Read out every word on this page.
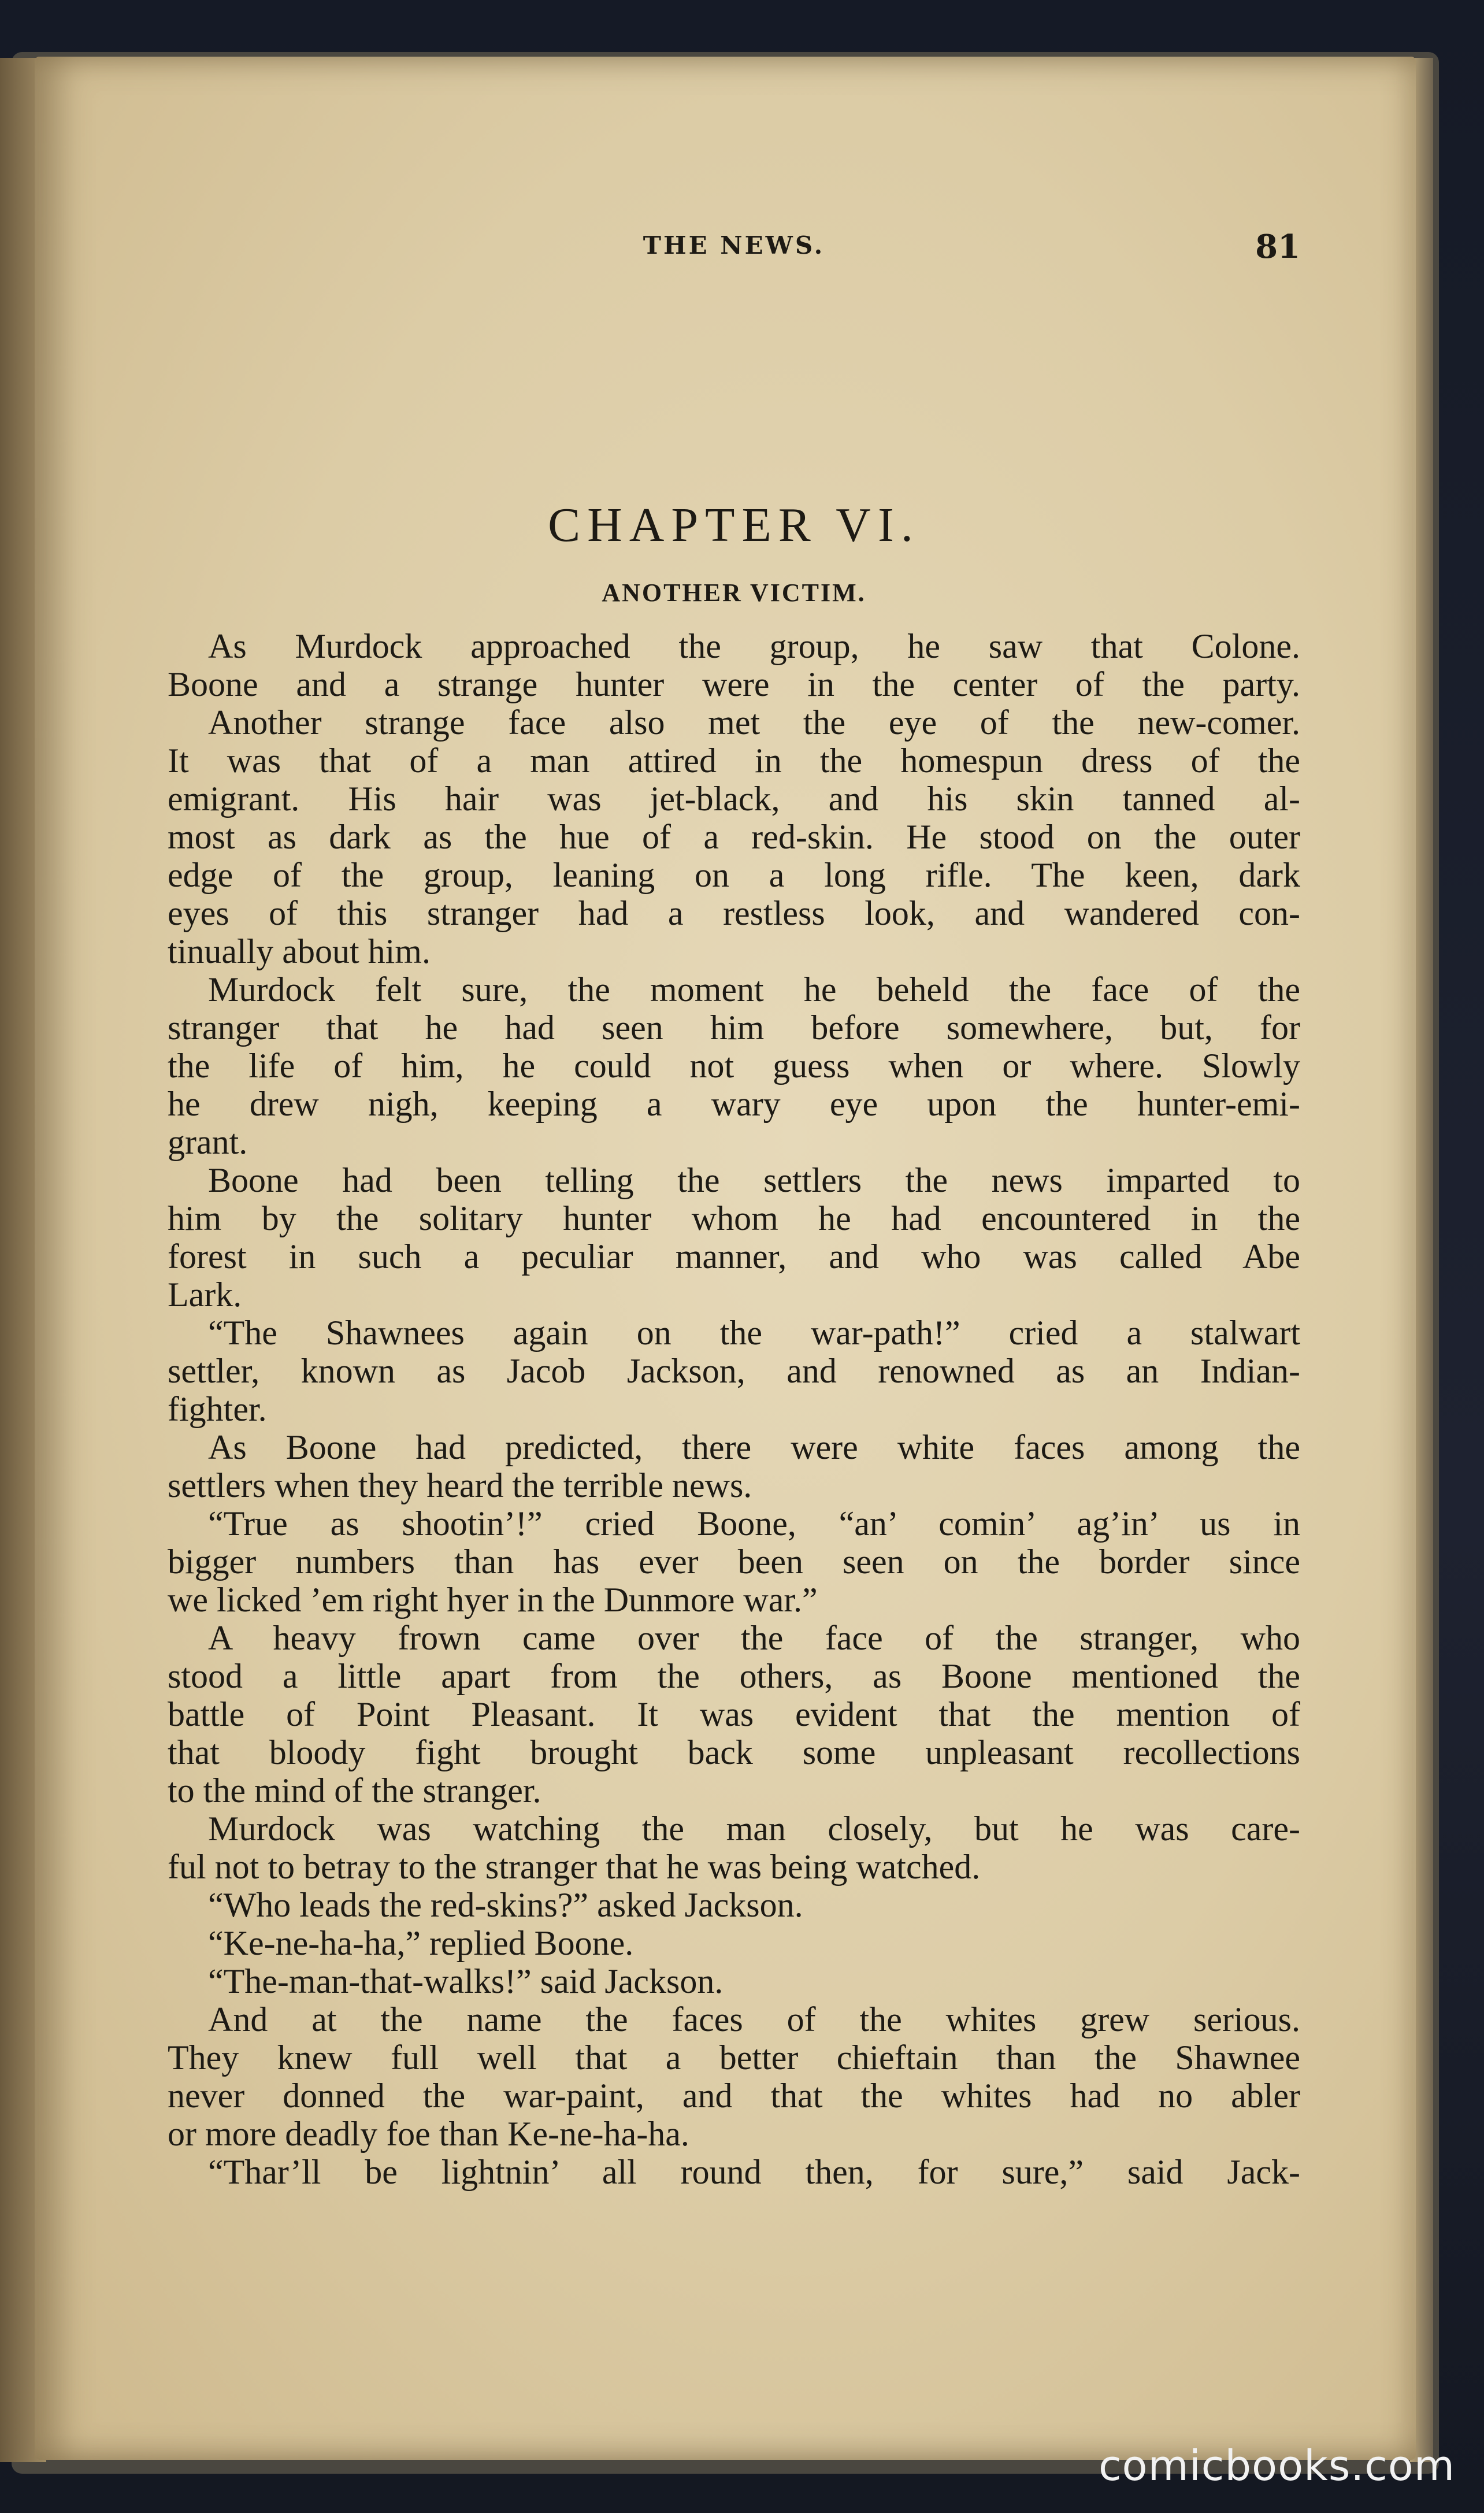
THE NEWS.	81
CHAPTER VI.
ANOTHER VICTIM.
As Murdock approached the group, he saw that Colone.
Boone and a strange hunter were in the center of the party.
Another strange face also met the eye of the new-comer.
It was that of a man attired in the homespun dress of the
emigrant. His hair was jet-black, and his skin tanned al-
most as dark as the hue of a red-skin. He stood on the outer
edge of the group, leaning on a long rifle. The keen, dark
eyes of this stranger had a restless look, and wandered con-
tinually about him.
Murdock felt sure, the moment he beheld the face of the
stranger that he had seen him before somewhere, but, for
the life of him, he could not guess when or where. Slowly
he drew nigh, keeping a wary eye upon the hunter-emi-
grant.
Boone had been telling the settlers the news imparted to
him by the solitary hunter whom he had encountered in the
forest in such a peculiar manner, and who was called Abe
Lark.
“The Shawnees again on the war-path!” cried a stalwart
settler, known as Jacob Jackson, and renowned as an Indian-
fighter.
As Boone had predicted, there were white faces among the
settlers when they heard the terrible news.
“True as shootin’!” cried Boone, “an’ comin’ ag’in’ us in
bigger numbers than has ever been seen on the border since
we licked ’em right hyer in the Dunmore war.”
A heavy frown came over the face of the stranger, who
stood a little apart from the others, as Boone mentioned the
battle of Point Pleasant. It was evident that the mention of
that bloody fight brought back some unpleasant recollections
to the mind of the stranger.
Murdock was watching the man closely, but he was care-
ful not to betray to the stranger that he was being watched.
“Who leads the red-skins?” asked Jackson.
“Ke-ne-ha-ha,” replied Boone.
“The-man-that-walks!” said Jackson.
And at the name the faces of the whites grew serious.
They knew full well that a better chieftain than the Shawnee
never donned the war-paint, and that the whites had no abler
or more deadly foe than Ke-ne-ha-ha.
“Thar’ll be lightnin’ all round then, for sure,” said Jack-
comicbooks.com
